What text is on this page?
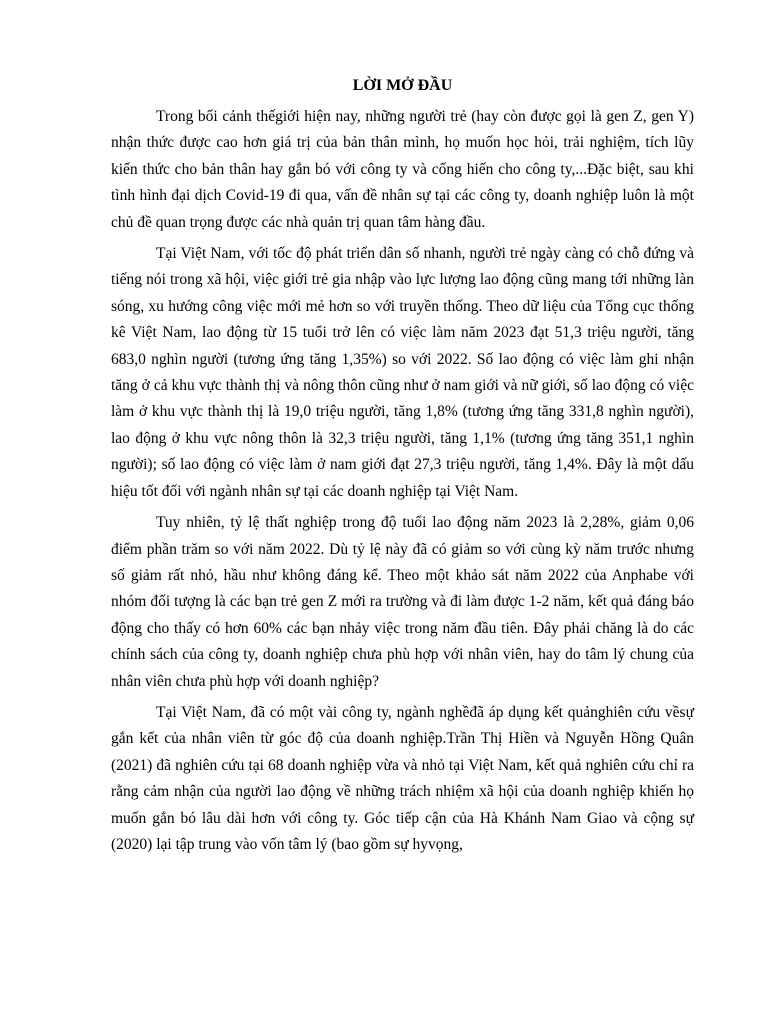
LỜI MỞ ĐẦU

Trong bối cảnh thếgiới hiện nay, những người trẻ (hay còn được gọi là gen Z, gen Y) nhận thức được cao hơn giá trị của bản thân mình, họ muốn học hỏi, trải nghiệm, tích lũy kiến thức cho bản thân hay gắn bó với công ty và cống hiến cho công ty,...Đặc biệt, sau khi tình hình đại dịch Covid-19 đi qua, vấn đề nhân sự tại các công ty, doanh nghiệp luôn là một chủ đề quan trọng được các nhà quản trị quan tâm hàng đầu.

Tại Việt Nam, với tốc độ phát triển dân số nhanh, người trẻ ngày càng có chỗ đứng và tiếng nói trong xã hội, việc giới trẻ gia nhập vào lực lượng lao động cũng mang tới những làn sóng, xu hướng công việc mới mẻ hơn so với truyền thống. Theo dữ liệu của Tổng cục thống kê Việt Nam, lao động từ 15 tuổi trở lên có việc làm năm 2023 đạt 51,3 triệu người, tăng 683,0 nghìn người (tương ứng tăng 1,35%) so với 2022. Số lao động có việc làm ghi nhận tăng ở cả khu vực thành thị và nông thôn cũng như ở nam giới và nữ giới, số lao động có việc làm ở khu vực thành thị là 19,0 triệu người, tăng 1,8% (tương ứng tăng 331,8 nghìn người), lao động ở khu vực nông thôn là 32,3 triệu người, tăng 1,1% (tương ứng tăng 351,1 nghìn người); số lao động có việc làm ở nam giới đạt 27,3 triệu người, tăng 1,4%. Đây là một dấu hiệu tốt đối với ngành nhân sự tại các doanh nghiệp tại Việt Nam.

Tuy nhiên, tỷ lệ thất nghiệp trong độ tuổi lao động năm 2023 là 2,28%, giảm 0,06 điểm phần trăm so với năm 2022. Dù tỷ lệ này đã có giảm so với cùng kỳ năm trước nhưng số giảm rất nhỏ, hầu như không đáng kể. Theo một khảo sát năm 2022 của Anphabe với nhóm đối tượng là các bạn trẻ gen Z mới ra trường và đi làm được 1-2 năm, kết quả đáng báo động cho thấy có hơn 60% các bạn nhảy việc trong năm đầu tiên. Đây phải chăng là do các chính sách của công ty, doanh nghiệp chưa phù hợp với nhân viên, hay do tâm lý chung của nhân viên chưa phù hợp với doanh nghiệp?

Tại Việt Nam, đã có một vài công ty, ngành nghềđã áp dụng kết quảnghiên cứu vềsự gắn kết của nhân viên từ góc độ của doanh nghiệp.Trần Thị Hiền và Nguyễn Hồng Quân (2021) đã nghiên cứu tại 68 doanh nghiệp vừa và nhỏ tại Việt Nam, kết quả nghiên cứu chỉ ra rằng cảm nhận của người lao động về những trách nhiệm xã hội của doanh nghiệp khiến họ muốn gắn bó lâu dài hơn với công ty. Góc tiếp cận của Hà Khánh Nam Giao và cộng sự (2020) lại tập trung vào vốn tâm lý (bao gồm sự hyvọng,
